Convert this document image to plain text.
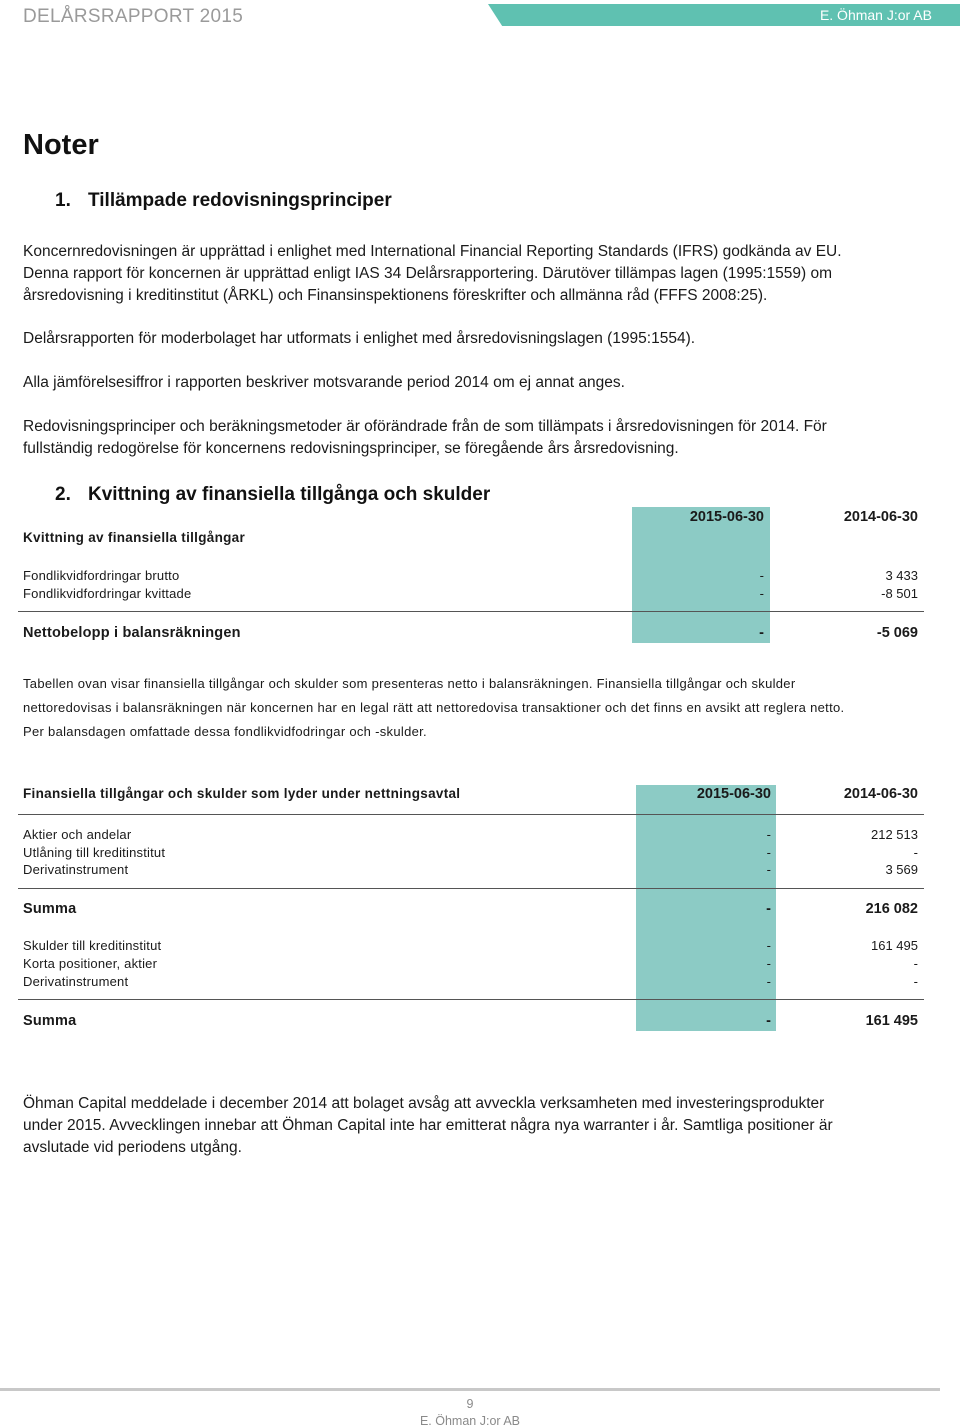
DELÅRSRAPPORT 2015	E. Öhman J:or AB
Noter
1. Tillämpade redovisningsprinciper
Koncernredovisningen är upprättad i enlighet med International Financial Reporting Standards (IFRS) godkända av EU.
Denna rapport för koncernen är upprättad enligt IAS 34 Delårsrapportering. Därutöver tillämpas lagen (1995:1559) om
årsredovisning i kreditinstitut (ÅRKL) och Finansinspektionens föreskrifter och allmänna råd (FFFS 2008:25).
Delårsrapporten för moderbolaget har utformats i enlighet med årsredovisningslagen (1995:1554).
Alla jämförelsesiffror i rapporten beskriver motsvarande period 2014 om ej annat anges.
Redovisningsprinciper och beräkningsmetoder är oförändrade från de som tillämpats i årsredovisningen för 2014. För
fullständig redogörelse för koncernens redovisningsprinciper, se föregående års årsredovisning.
2. Kvittning av finansiella tillgånga och skulder
2015-06-30	2014-06-30
Kvittning av finansiella tillgångar
Fondlikvidfordringar brutto	-	3 433
Fondlikvidfordringar kvittade	-	-8 501
Nettobelopp i balansräkningen	-	-5 069
Tabellen ovan visar finansiella tillgångar och skulder som presenteras netto i balansräkningen. Finansiella tillgångar och skulder
nettoredovisas i balansräkningen när koncernen har en legal rätt att nettoredovisa transaktioner och det finns en avsikt att reglera netto.
Per balansdagen omfattade dessa fondlikvidfodringar och -skulder.
Finansiella tillgångar och skulder som lyder under nettningsavtal	2015-06-30	2014-06-30
Aktier och andelar	-	212 513
Utlåning till kreditinstitut	-	-
Derivatinstrument	-	3 569
Summa	-	216 082
Skulder till kreditinstitut	-	161 495
Korta positioner, aktier	-	-
Derivatinstrument	-	-
Summa	-	161 495
Öhman Capital meddelade i december 2014 att bolaget avsåg att avveckla verksamheten med investeringsprodukter
under 2015. Avvecklingen innebar att Öhman Capital inte har emitterat några nya warranter i år. Samtliga positioner är
avslutade vid periodens utgång.
9
E. Öhman J:or AB
